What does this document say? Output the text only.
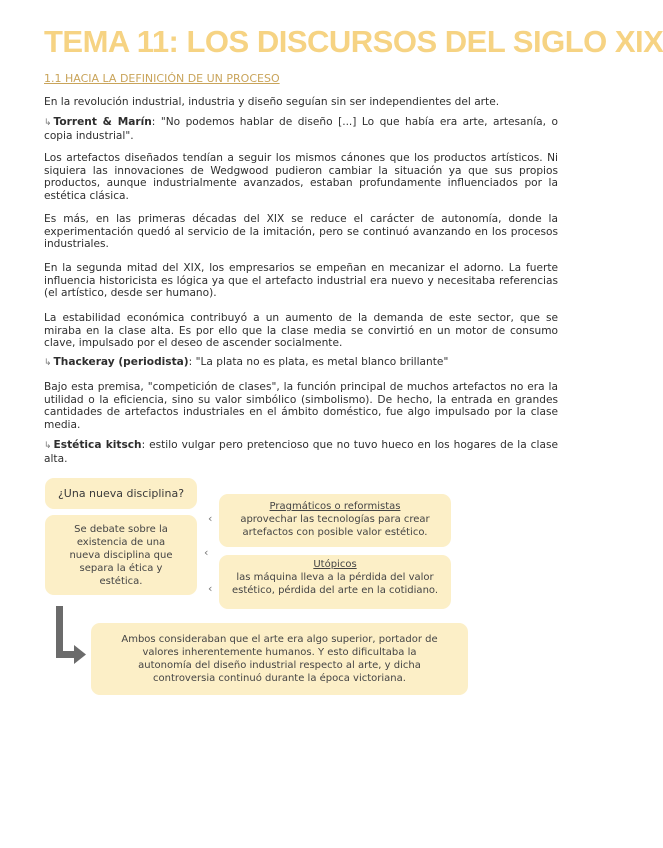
TEMA 11: LOS DISCURSOS DEL SIGLO XIX
1.1 HACIA LA DEFINICIÓN DE UN PROCESO
En la revolución industrial, industria y diseño seguían sin ser independientes del arte.
↳ Torrent & Marín: "No podemos hablar de diseño [...] Lo que había era arte, artesanía, o copia industrial".
Los artefactos diseñados tendían a seguir los mismos cánones que los productos artísticos. Ni siquiera las innovaciones de Wedgwood pudieron cambiar la situación ya que sus propios productos, aunque industrialmente avanzados, estaban profundamente influenciados por la estética clásica.
Es más, en las primeras décadas del XIX se reduce el carácter de autonomía, donde la experimentación quedó al servicio de la imitación, pero se continuó avanzando en los procesos industriales.
En la segunda mitad del XIX, los empresarios se empeñan en mecanizar el adorno. La fuerte influencia historicista es lógica ya que el artefacto industrial era nuevo y necesitaba referencias (el artístico, desde ser humano).
La estabilidad económica contribuyó a un aumento de la demanda de este sector, que se miraba en la clase alta. Es por ello que la clase media se convirtió en un motor de consumo clave, impulsado por el deseo de ascender socialmente.
↳ Thackeray (periodista): "La plata no es plata, es metal blanco brillante"
Bajo esta premisa, "competición de clases", la función principal de muchos artefactos no era la utilidad o la eficiencia, sino su valor simbólico (simbolismo). De hecho, la entrada en grandes cantidades de artefactos industriales en el ámbito doméstico, fue algo impulsado por la clase media.
↳ Estética kitsch: estilo vulgar pero pretencioso que no tuvo hueco en los hogares de la clase alta.
¿Una nueva disciplina?
Se debate sobre la existencia de una nueva disciplina que separa la ética y estética.
‹
‹
‹
Pragmáticos o reformistas
aprovechar las tecnologías para crear artefactos con posible valor estético.
Utópicos
las máquina lleva a la pérdida del valor estético, pérdida del arte en la cotidiano.
Ambos consideraban que el arte era algo superior, portador de valores inherentemente humanos. Y esto dificultaba la autonomía del diseño industrial respecto al arte, y dicha controversia continuó durante la época victoriana.
